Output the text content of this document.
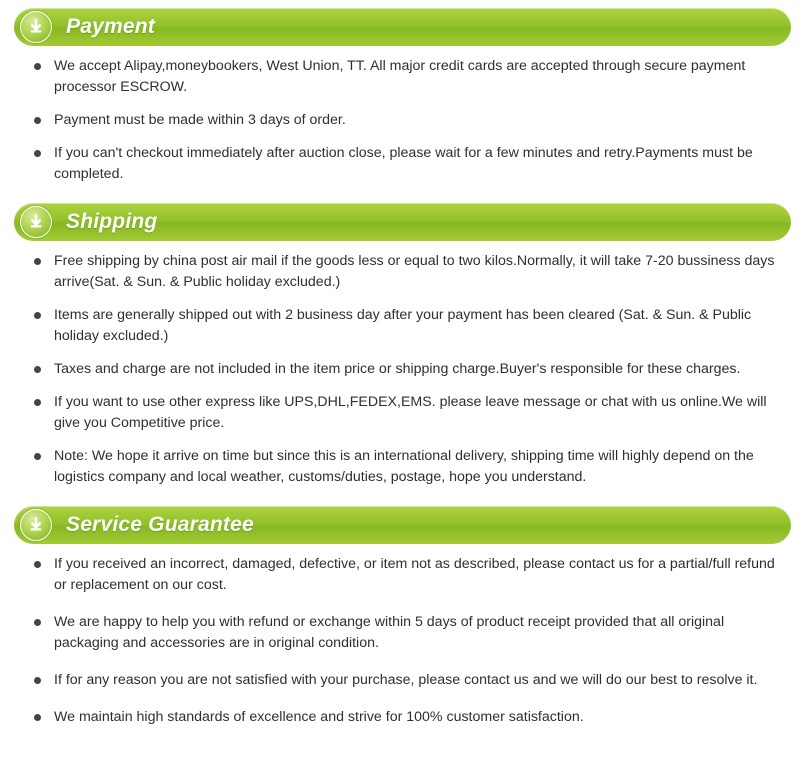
Payment
We accept Alipay,moneybookers, West Union, TT. All major credit cards are accepted through secure payment processor ESCROW.
Payment must be made within 3 days of order.
If you can't checkout immediately after auction close, please wait for a few minutes and retry.Payments must be completed.
Shipping
Free shipping by china post air mail if the goods less or equal to two kilos.Normally, it will take 7-20 bussiness days arrive(Sat. & Sun. & Public holiday excluded.)
Items are generally shipped out with 2 business day after your payment has been cleared (Sat. & Sun. & Public holiday excluded.)
Taxes and charge are not included in the item price or shipping charge.Buyer's responsible for these charges.
If you want to use other express like UPS,DHL,FEDEX,EMS. please leave message or chat with us online.We will give you Competitive price.
Note: We hope it arrive on time but since this is an international delivery, shipping time will highly depend on the logistics company and local weather, customs/duties, postage, hope you understand.
Service Guarantee
If you received an incorrect, damaged, defective, or item not as described, please contact us for a partial/full refund or replacement on our cost.
We are happy to help you with refund or exchange within 5 days of product receipt provided that all original packaging and accessories are in original condition.
If for any reason you are not satisfied with your purchase, please contact us and we will do our best to resolve it.
We maintain high standards of excellence and strive for 100% customer satisfaction.
